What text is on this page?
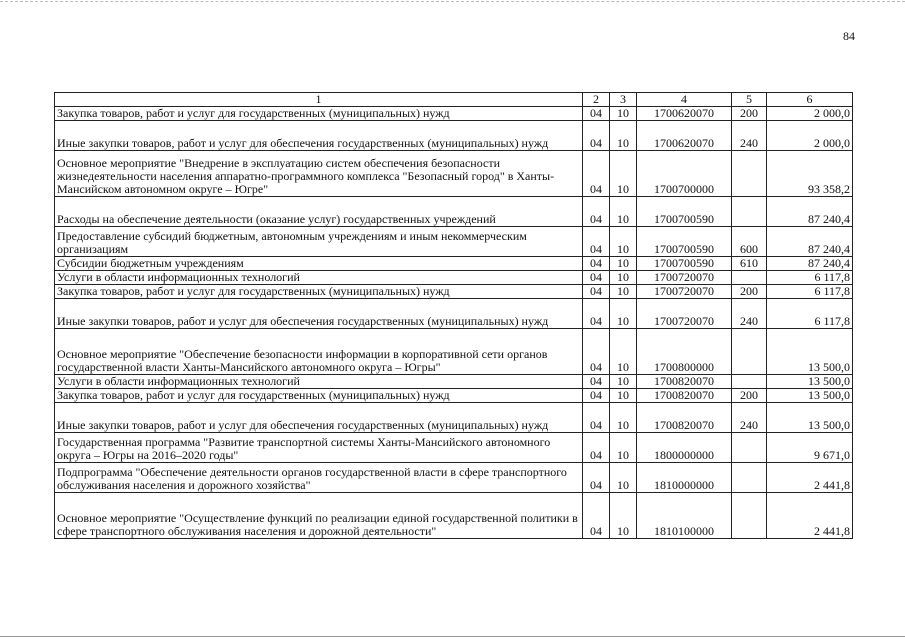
84
1	2	3	4	5	6
Закупка товаров, работ и услуг для государственных (муниципальных) нужд	04	10	1700620070	200	2 000,0
Иные закупки товаров, работ и услуг для обеспечения государственных (муниципальных) нужд	04	10	1700620070	240	2 000,0
Основное мероприятие "Внедрение в эксплуатацию систем обеспечения безопасности жизнедеятельности населения аппаратно-программного комплекса "Безопасный город" в Ханты-Мансийском автономном округе – Югре"	04	10	1700700000		93 358,2
Расходы на обеспечение деятельности (оказание услуг) государственных учреждений	04	10	1700700590		87 240,4
Предоставление субсидий бюджетным, автономным учреждениям и иным некоммерческим организациям	04	10	1700700590	600	87 240,4
Субсидии бюджетным учреждениям	04	10	1700700590	610	87 240,4
Услуги в области информационных технологий	04	10	1700720070		6 117,8
Закупка товаров, работ и услуг для государственных (муниципальных) нужд	04	10	1700720070	200	6 117,8
Иные закупки товаров, работ и услуг для обеспечения государственных (муниципальных) нужд	04	10	1700720070	240	6 117,8
Основное мероприятие "Обеспечение безопасности информации в корпоративной сети органов государственной власти Ханты-Мансийского автономного округа – Югры"	04	10	1700800000		13 500,0
Услуги в области информационных технологий	04	10	1700820070		13 500,0
Закупка товаров, работ и услуг для государственных (муниципальных) нужд	04	10	1700820070	200	13 500,0
Иные закупки товаров, работ и услуг для обеспечения государственных (муниципальных) нужд	04	10	1700820070	240	13 500,0
Государственная программа "Развитие транспортной системы Ханты-Мансийского автономного округа – Югры на 2016–2020 годы"	04	10	1800000000		9 671,0
Подпрограмма "Обеспечение деятельности органов государственной власти в сфере транспортного обслуживания населения и дорожного хозяйства"	04	10	1810000000		2 441,8
Основное мероприятие "Осуществление функций по реализации единой государственной политики в сфере транспортного обслуживания населения и дорожной деятельности"	04	10	1810100000		2 441,8
